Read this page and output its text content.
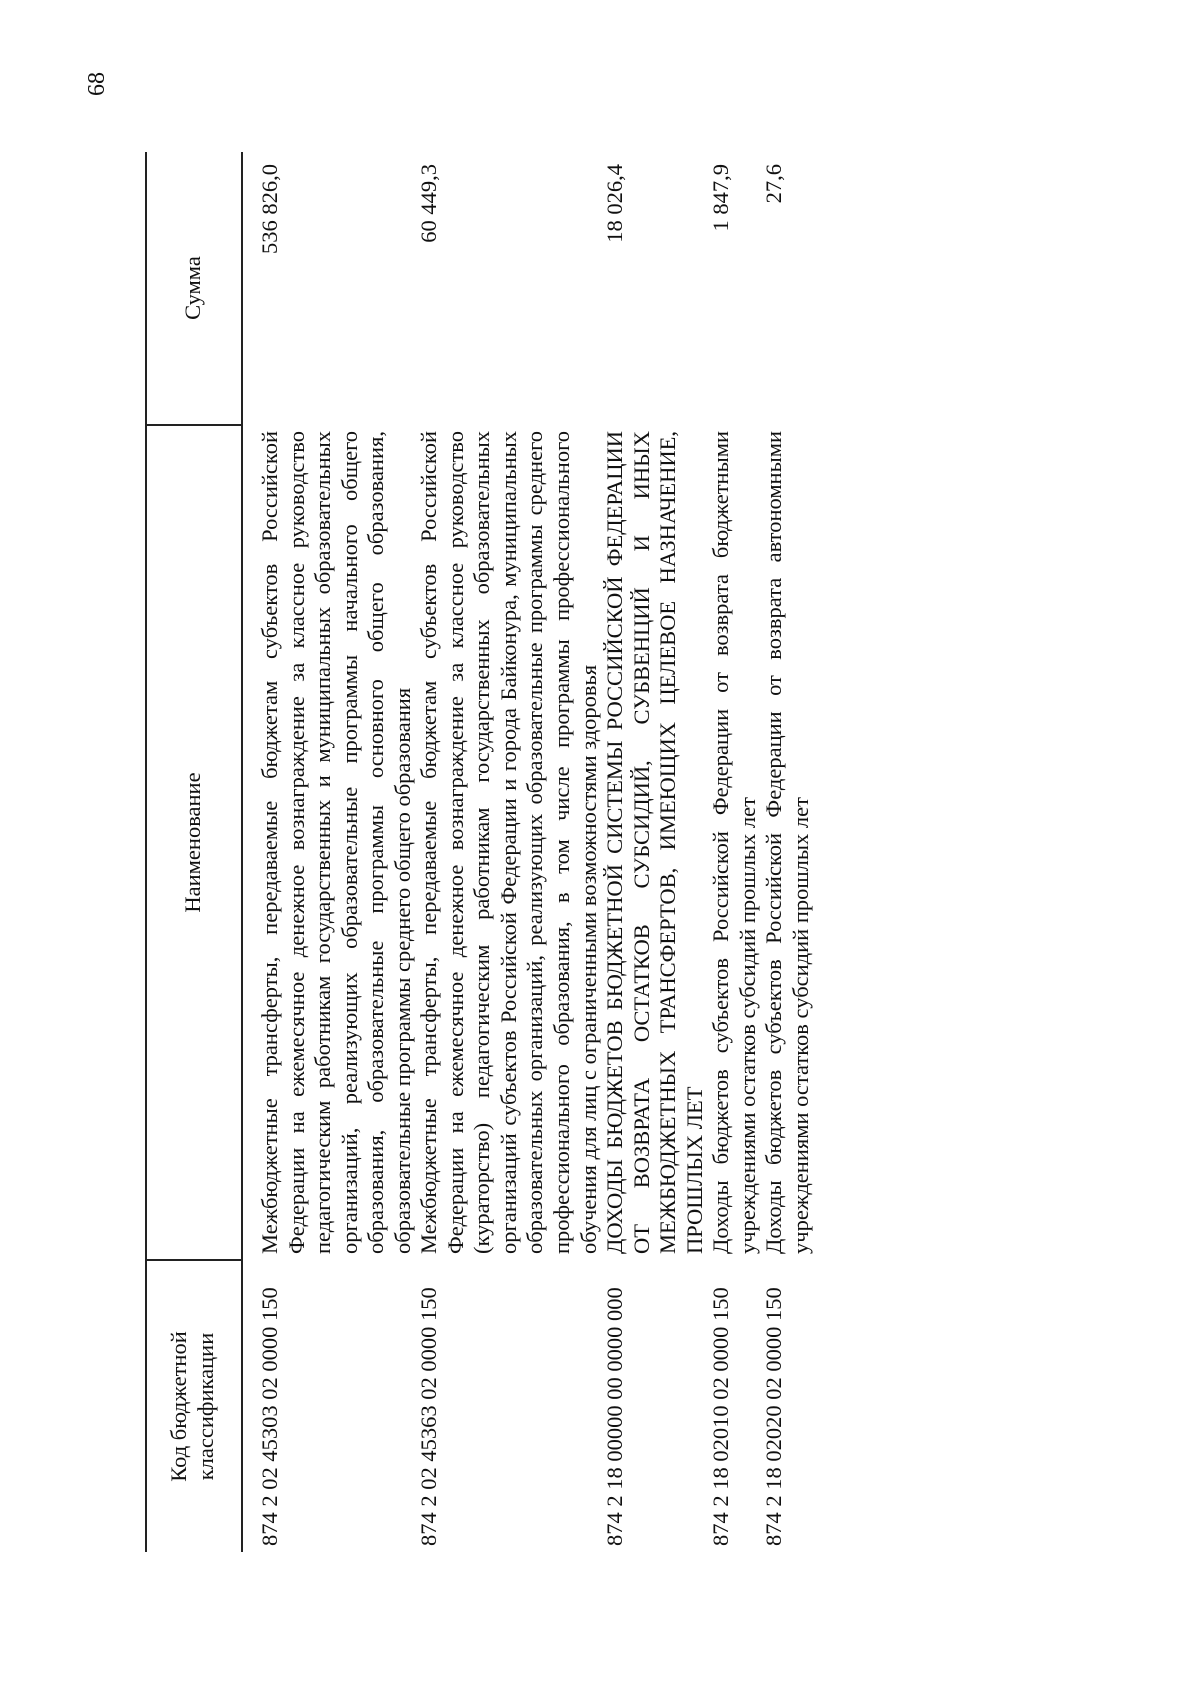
68
Код бюджетной классификации	Наименование	Сумма
874 2 02 45303 02 0000 150	Межбюджетные трансферты, передаваемые бюджетам субъектов Российской Федерации на ежемесячное денежное вознаграждение за классное руководство педагогическим работникам государственных и муниципальных образовательных организаций, реализующих образовательные программы начального общего образования, образовательные программы основного общего образования, образовательные программы среднего общего образования	536 826,0
874 2 02 45363 02 0000 150	Межбюджетные трансферты, передаваемые бюджетам субъектов Российской Федерации на ежемесячное денежное вознаграждение за классное руководство (кураторство) педагогическим работникам государственных образовательных организаций субъектов Российской Федерации и города Байконура, муниципальных образовательных организаций, реализующих образовательные программы среднего профессионального образования, в том числе программы профессионального обучения для лиц с ограниченными возможностями здоровья	60 449,3
874 2 18 00000 00 0000 000	ДОХОДЫ БЮДЖЕТОВ БЮДЖЕТНОЙ СИСТЕМЫ РОССИЙСКОЙ ФЕДЕРАЦИИ ОТ ВОЗВРАТА ОСТАТКОВ СУБСИДИЙ, СУБВЕНЦИЙ И ИНЫХ МЕЖБЮДЖЕТНЫХ ТРАНСФЕРТОВ, ИМЕЮЩИХ ЦЕЛЕВОЕ НАЗНАЧЕНИЕ, ПРОШЛЫХ ЛЕТ	18 026,4
874 2 18 02010 02 0000 150	Доходы бюджетов субъектов Российской Федерации от возврата бюджетными учреждениями остатков субсидий прошлых лет	1 847,9
874 2 18 02020 02 0000 150	Доходы бюджетов субъектов Российской Федерации от возврата автономными учреждениями остатков субсидий прошлых лет	27,6
